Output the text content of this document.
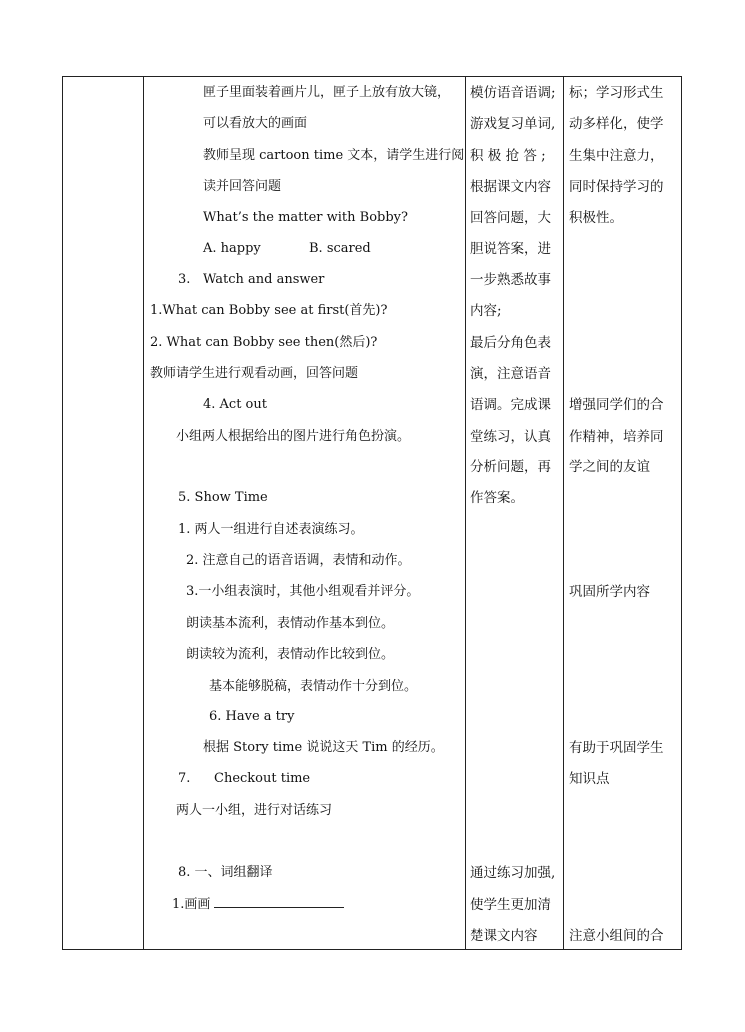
匣子里面装着画片儿，匣子上放有放大镜，
可以看放大的画面
教师呈现 cartoon time 文本，请学生进行阅
读并回答问题
What’s the matter with Bobby?
A. happy	B. scared
3. Watch and answer
1.What can Bobby see at first(首先)?
2. What can Bobby see then(然后)?
教师请学生进行观看动画，回答问题
4. Act out
小组两人根据给出的图片进行角色扮演。
5. Show Time
1. 两人一组进行自述表演练习。
2. 注意自己的语音语调，表情和动作。
3.一小组表演时，其他小组观看并评分。
朗读基本流利，表情动作基本到位。
朗读较为流利，表情动作比较到位。
基本能够脱稿，表情动作十分到位。
6. Have a try
根据 Story time 说说这天 Tim 的经历。
7. Checkout time
两人一小组，进行对话练习
8. 一、词组翻译
1.画画
模仿语音语调;
游戏复习单词,
积 极 抢 答 ;
根据课文内容
回答问题，大
胆说答案，进
一步熟悉故事
内容;
最后分角色表
演，注意语音
语调。完成课
堂练习，认真
分析问题，再
作答案。
通过练习加强,
使学生更加清
楚课文内容
标；学习形式生
动多样化，使学
生集中注意力，
同时保持学习的
积极性。
增强同学们的合
作精神，培养同
学之间的友谊
巩固所学内容
有助于巩固学生
知识点
注意小组间的合
